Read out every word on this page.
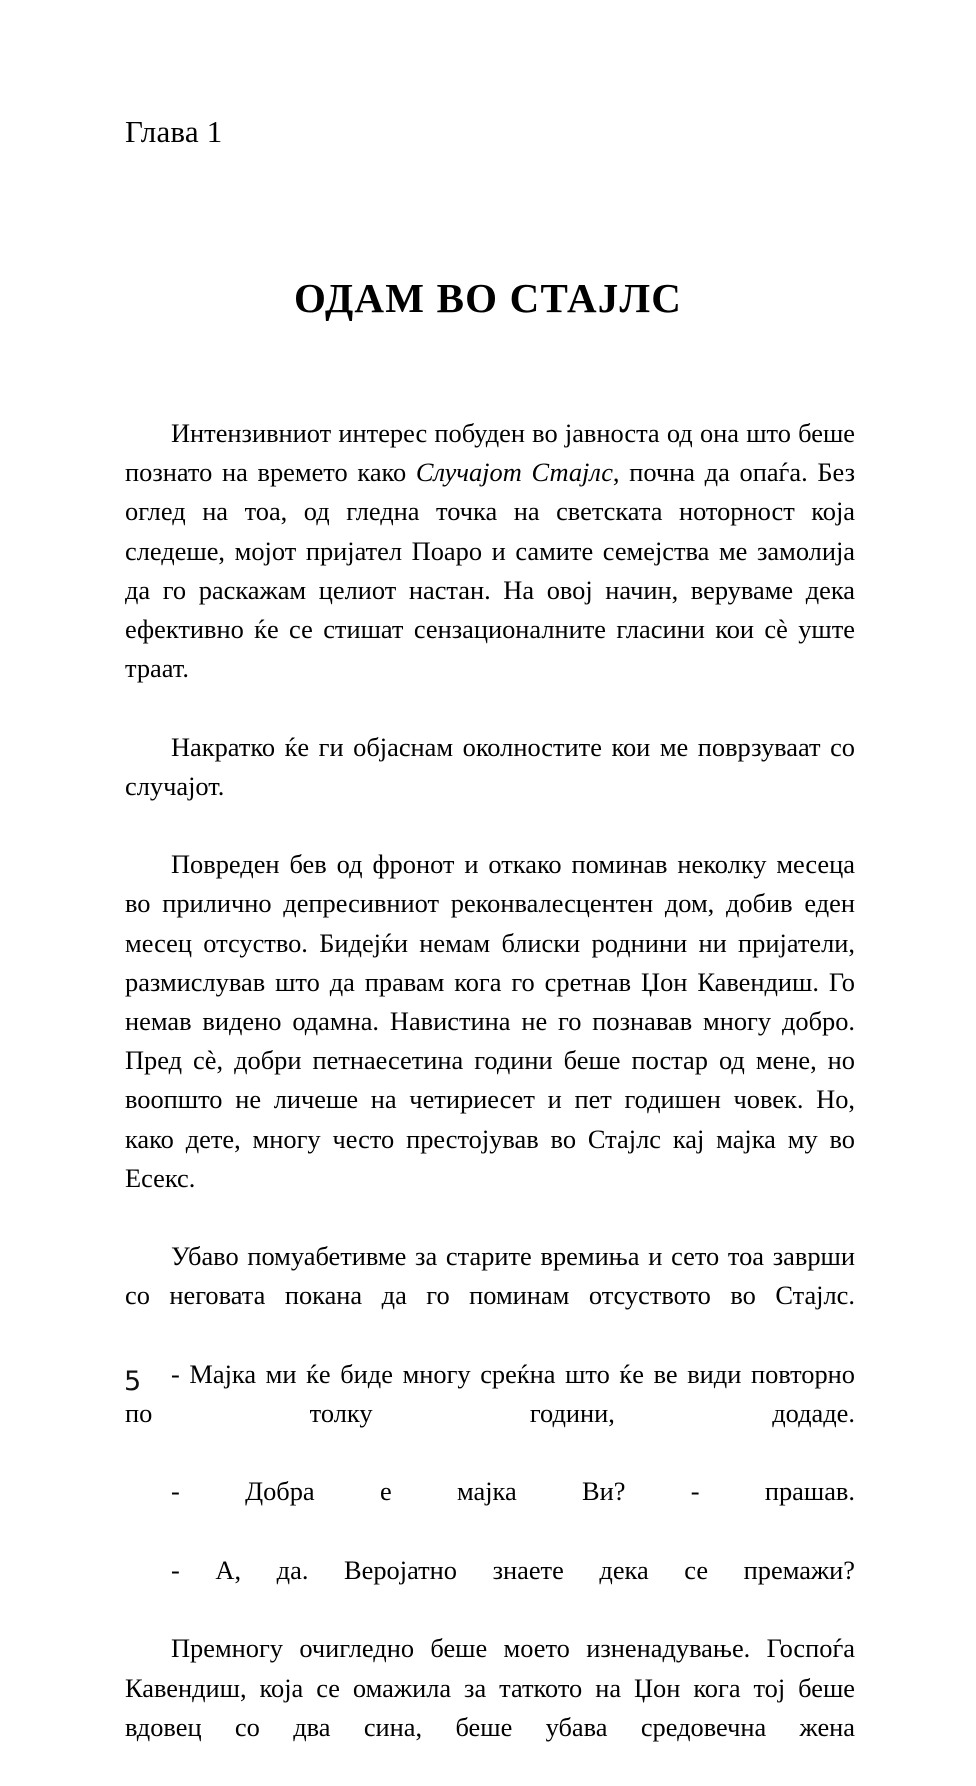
Глава 1
ОДАМ ВО СТАЈЛС

Интензивниот интерес побуден во јавноста од она што беше познато на времето како Случајот Стајлс, почна да опаѓа. Без оглед на тоа, од гледна точка на светската ноторност која следеше, мојот пријател Поаро и самите семејства ме замолија да го раскажам целиот настан. На овој начин, веруваме дека ефективно ќе се стишат сензационалните гласини кои сѐ уште траат.

Накратко ќе ги објаснам околностите кои ме поврзуваат со случајот.

Повреден бев од фронот и откако поминав неколку месеца во прилично депресивниот реконвалесцентен дом, добив еден месец отсуство. Бидејќи немам блиски роднини ни пријатели, размислував што да правам кога го сретнав Џон Кавендиш. Го немав видено одамна. Навистина не го познавав многу добро. Пред сѐ, добри петнаесетина години беше постар од мене, но воопшто не личеше на четириесет и пет годишен човек. Но, како дете, многу често престојував во Стајлс кај мајка му во Есекс.

Убаво помуабетивме за старите времиња и сето тоа заврши со неговата покана да го поминам отсуството во Стајлс.

- Мајка ми ќе биде многу среќна што ќе ве види повторно по толку години, додаде.

- Добра е мајка Ви? - прашав.

- А, да. Веројатно знаете дека се премажи?

Премногу очигледно беше моето изненадување. Госпоѓа Кавендиш, која се омажила за таткото на Џон кога тој беше вдовец со два сина, беше убава средовечна жена

5
